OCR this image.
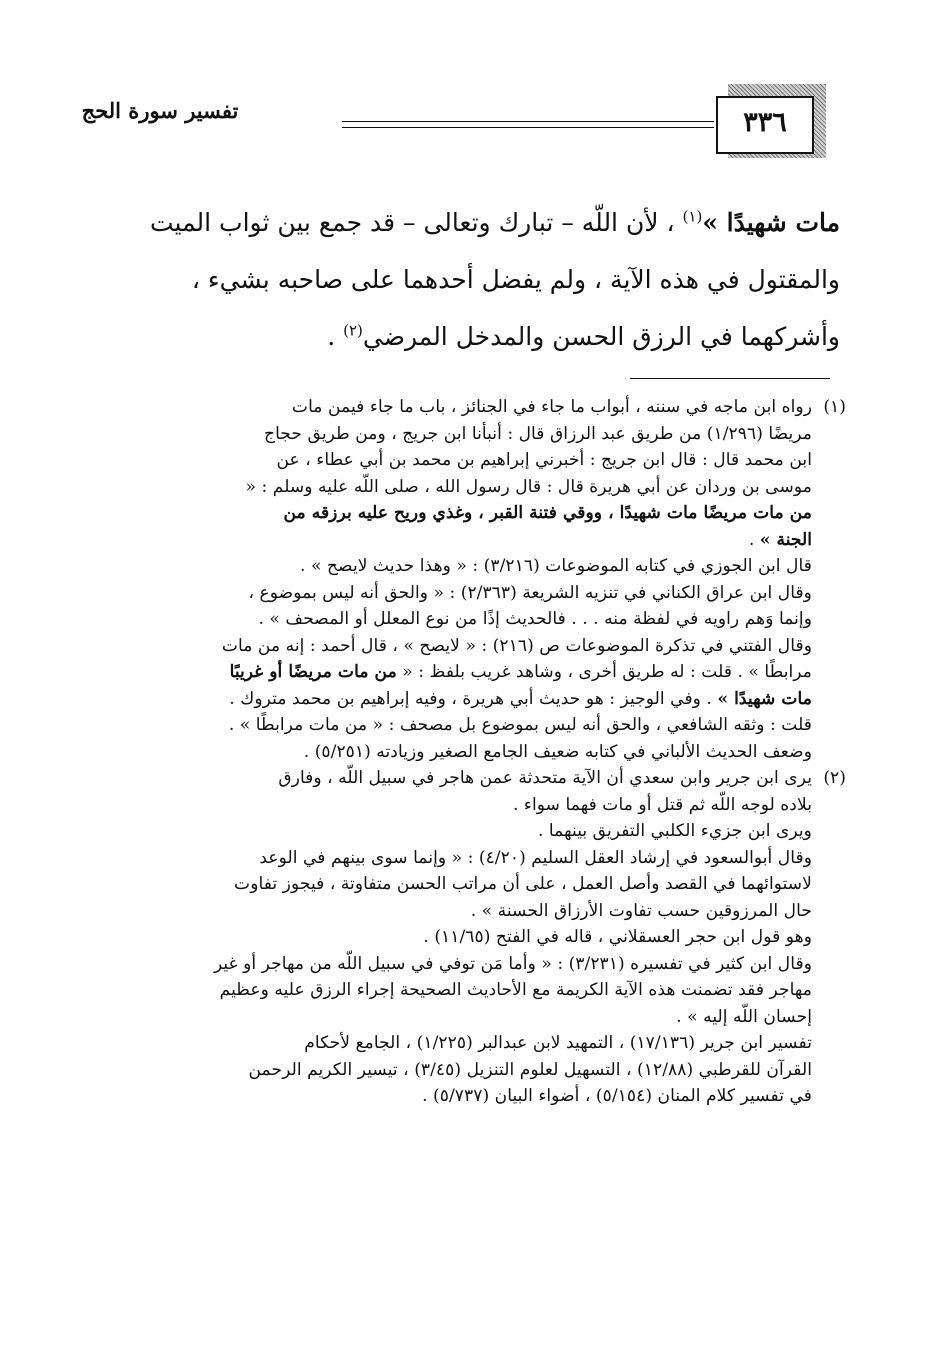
تفسير سورة الحج	٣٣٦
مات شهيدًا »$^{(١)}$ ، لأن اللّه – تبارك وتعالى – قد جمع بين ثواب الميت
والمقتول في هذه الآية ، ولم يفضل أحدهما على صاحبه بشيء ،
وأشركهما في الرزق الحسن والمدخل المرضي$^{(٢)}$ .
(١)
رواه ابن ماجه في سننه ، أبواب ما جاء في الجنائز ، باب ما جاء فيمن مات
مريضًا (١/٢٩٦) من طريق عبد الرزاق قال : أنبأنا ابن جريج ، ومن طريق حجاج
ابن محمد قال : قال ابن جريج : أخبرني إبراهيم بن محمد بن أبي عطاء ، عن
موسى بن وردان عن أبي هريرة قال : قال رسول الله ، صلى اللّه عليه وسلم : «
من مات مريضًا مات شهيدًا ، ووقي فتنة القبر ، وغذي وريح عليه برزقه من
الجنة » .
قال ابن الجوزي في كتابه الموضوعات (٣/٢١٦) : « وهذا حديث لايصح » .
وقال ابن عراق الكناني في تنزيه الشريعة (٢/٣٦٣) : « والحق أنه ليس بموضوع ،
وإنما وَهم راويه في لفظة منه . . . فالحديث إذًا من نوع المعلل أو المصحف » .
وقال الفتني في تذكرة الموضوعات ص (٢١٦) : « لايصح » ، قال أحمد : إنه من مات
مرابطًا » . قلت : له طريق أخرى ، وشاهد غريب بلفظ : « من مات مريضًا أو غريبًا
مات شهيدًا » . وفي الوجيز : هو حديث أبي هريرة ، وفيه إبراهيم بن محمد متروك .
قلت : وثقه الشافعي ، والحق أنه ليس بموضوع بل مصحف : « من مات مرابطًا » .
وضعف الحديث الألباني في كتابه ضعيف الجامع الصغير وزيادته (٥/٢٥١) .
(٢)
يرى ابن جرير وابن سعدي أن الآية متحدثة عمن هاجر في سبيل اللّه ، وفارق
بلاده لوجه اللّه ثم قتل أو مات فهما سواء .
ويرى ابن جزيء الكلبي التفريق بينهما .
وقال أبوالسعود في إرشاد العقل السليم (٤/٢٠) : « وإنما سوى بينهم في الوعد
لاستوائهما في القصد وأصل العمل ، على أن مراتب الحسن متفاوتة ، فيجوز تفاوت
حال المرزوقين حسب تفاوت الأرزاق الحسنة » .
وهو قول ابن حجر العسقلاني ، قاله في الفتح (١١/٦٥) .
وقال ابن كثير في تفسيره (٣/٢٣١) : « وأما مَن توفي في سبيل اللّه من مهاجر أو غير
مهاجر فقد تضمنت هذه الآية الكريمة مع الأحاديث الصحيحة إجراء الرزق عليه وعظيم
إحسان اللّه إليه » .
تفسير ابن جرير (١٧/١٣٦) ، التمهيد لابن عبدالبر (١/٢٢٥) ، الجامع لأحكام
القرآن للقرطبي (١٢/٨٨) ، التسهيل لعلوم التنزيل (٣/٤٥) ، تيسير الكريم الرحمن
في تفسير كلام المنان (٥/١٥٤) ، أضواء البيان (٥/٧٣٧) .
